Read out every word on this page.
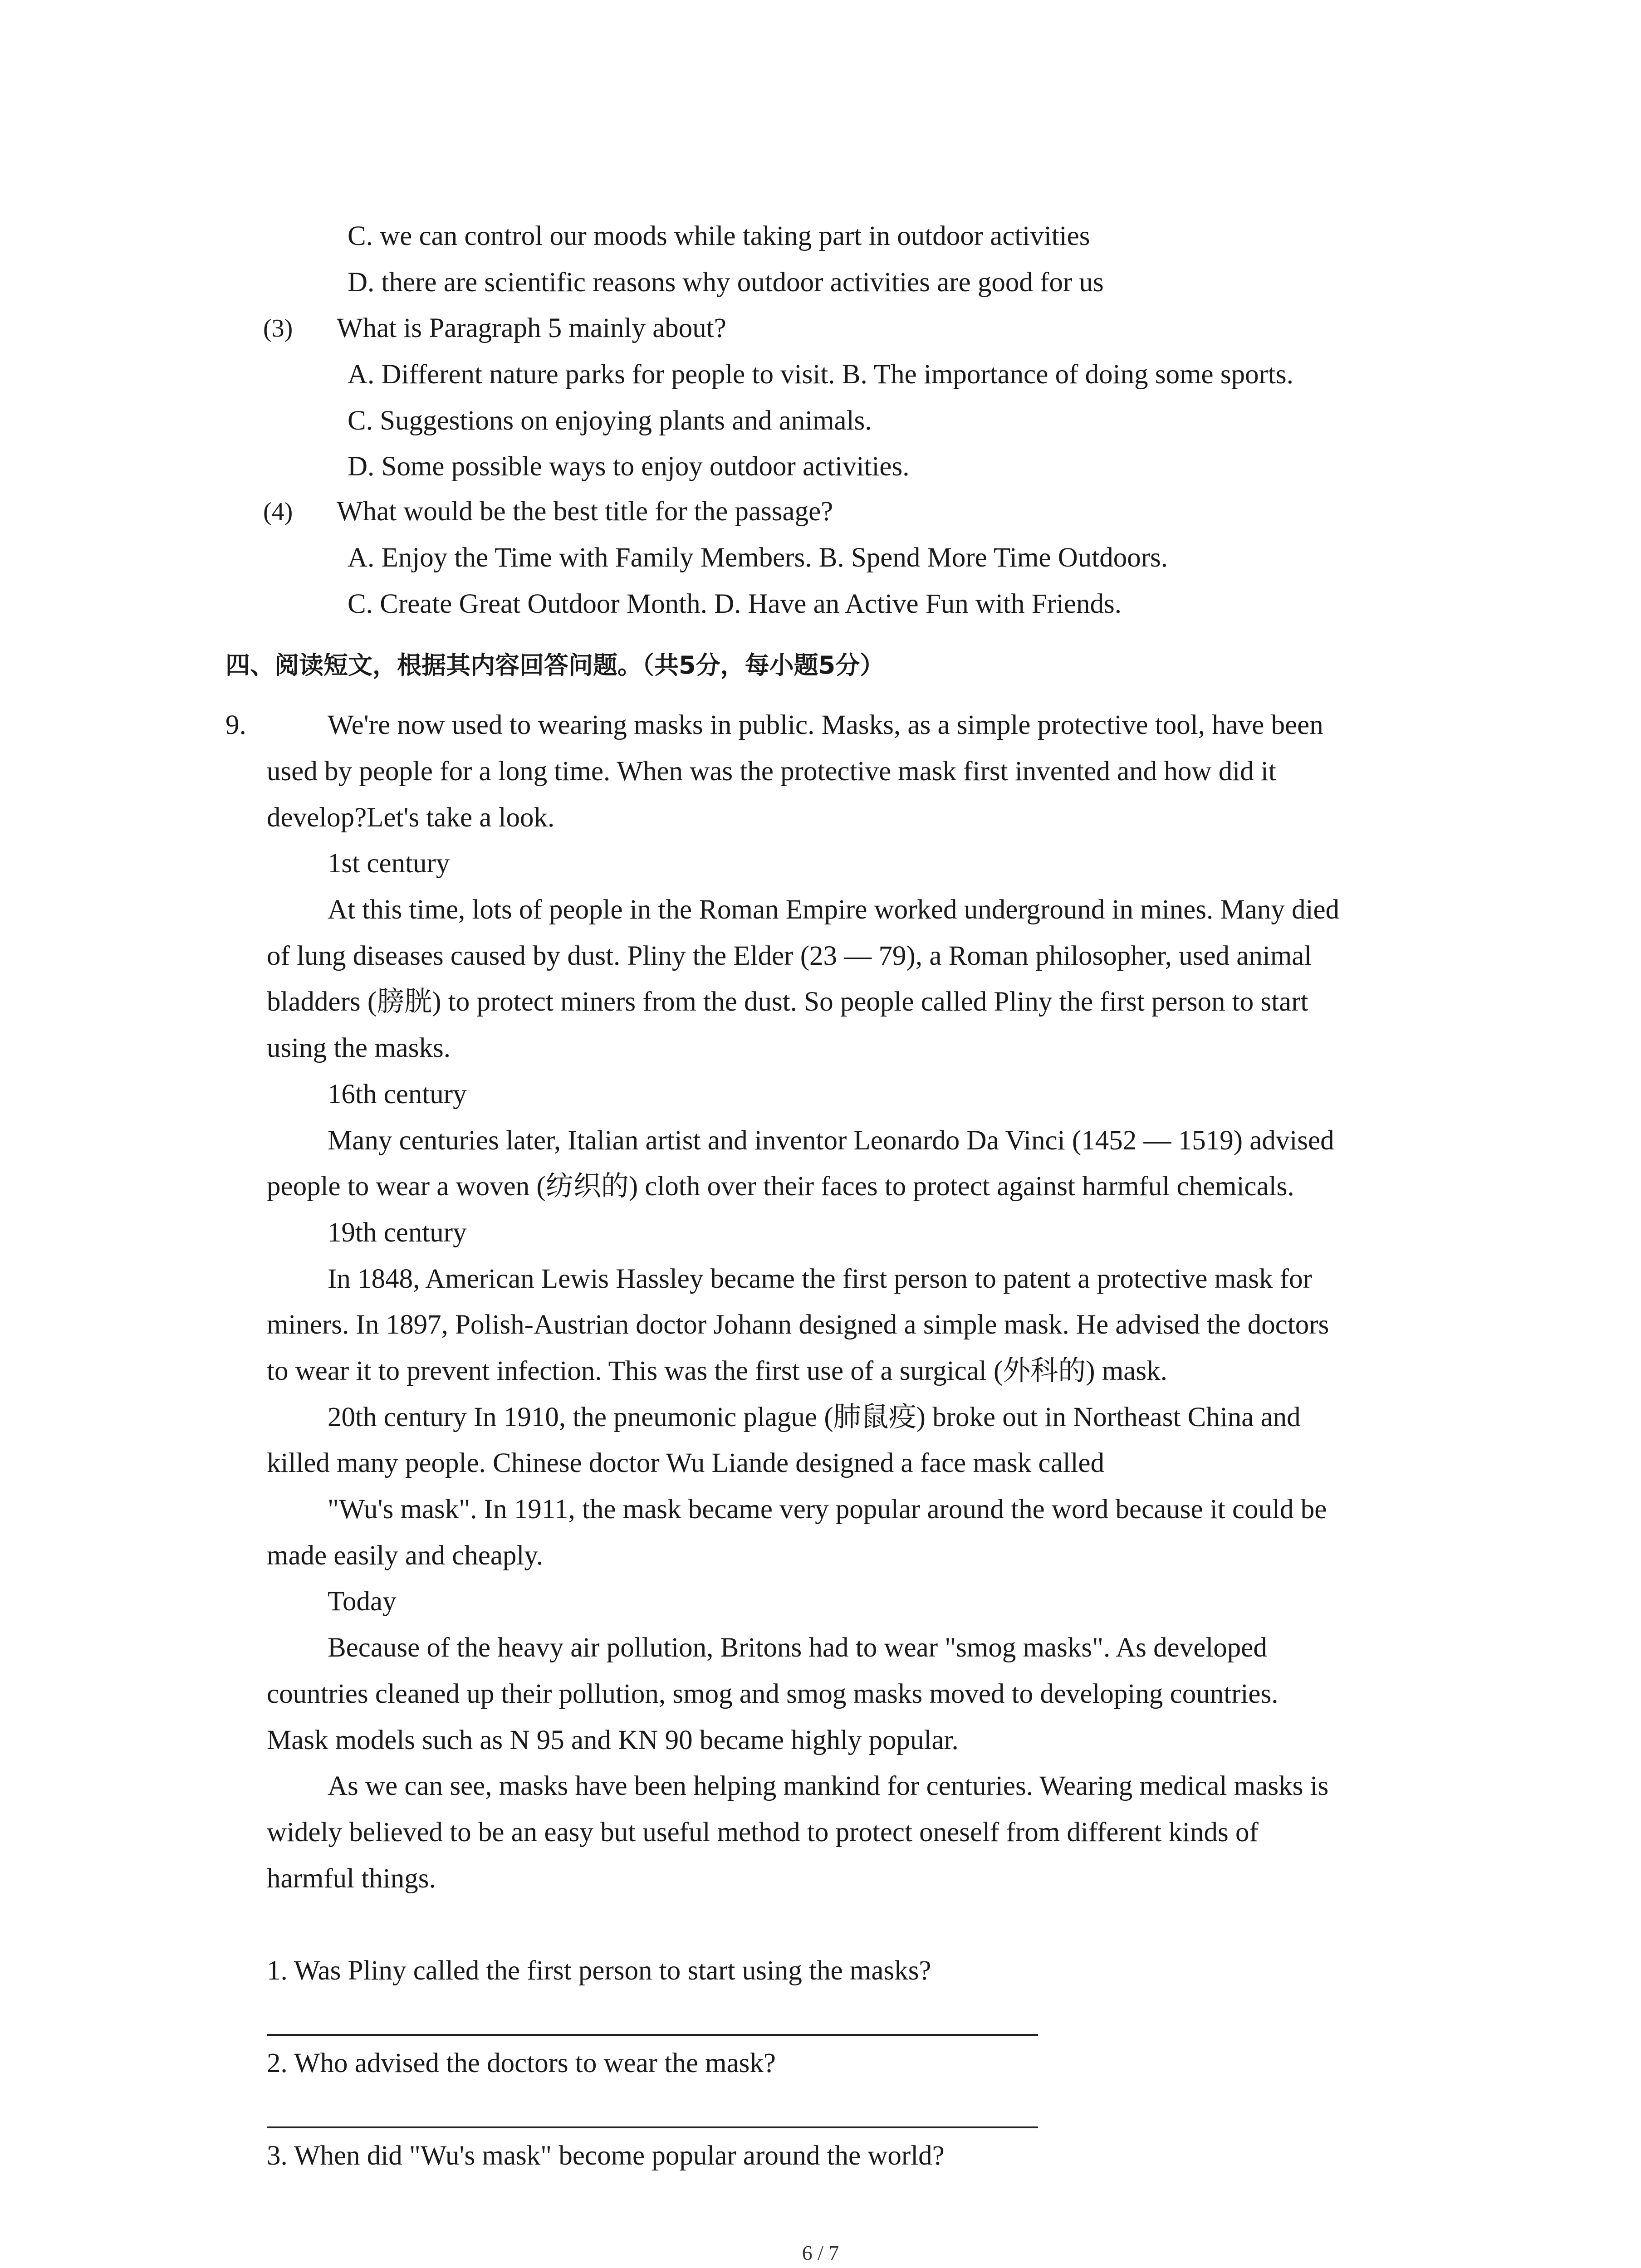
C. we can control our moods while taking part in outdoor activities
D. there are scientific reasons why outdoor activities are good for us
(3) What is Paragraph 5 mainly about?
A. Different nature parks for people to visit. B. The importance of doing some sports.
C. Suggestions on enjoying plants and animals.
D. Some possible ways to enjoy outdoor activities.
(4) What would be the best title for the passage?
A. Enjoy the Time with Family Members. B. Spend More Time Outdoors.
C. Create Great Outdoor Month. D. Have an Active Fun with Friends.
四、阅读短文，根据其内容回答问题。（共5分，每小题5分）
9.	We're now used to wearing masks in public. Masks, as a simple protective tool, have been
used by people for a long time. When was the protective mask first invented and how did it
develop?Let's take a look.
1st century
At this time, lots of people in the Roman Empire worked underground in mines. Many died
of lung diseases caused by dust. Pliny the Elder (23 — 79), a Roman philosopher, used animal
bladders (膀胱) to protect miners from the dust. So people called Pliny the first person to start
using the masks.
16th century
Many centuries later, Italian artist and inventor Leonardo Da Vinci (1452 — 1519) advised
people to wear a woven (纺织的) cloth over their faces to protect against harmful chemicals.
19th century
In 1848, American Lewis Hassley became the first person to patent a protective mask for
miners. In 1897, Polish-Austrian doctor Johann designed a simple mask. He advised the doctors
to wear it to prevent infection. This was the first use of a surgical (外科的) mask.
20th century In 1910, the pneumonic plague (肺鼠疫) broke out in Northeast China and
killed many people. Chinese doctor Wu Liande designed a face mask called
"Wu's mask". In 1911, the mask became very popular around the word because it could be
made easily and cheaply.
Today
Because of the heavy air pollution, Britons had to wear "smog masks". As developed
countries cleaned up their pollution, smog and smog masks moved to developing countries.
Mask models such as N 95 and KN 90 became highly popular.
As we can see, masks have been helping mankind for centuries. Wearing medical masks is
widely believed to be an easy but useful method to protect oneself from different kinds of
harmful things.
1. Was Pliny called the first person to start using the masks?
2. Who advised the doctors to wear the mask?
3. When did "Wu's mask" become popular around the world?
6 / 7
